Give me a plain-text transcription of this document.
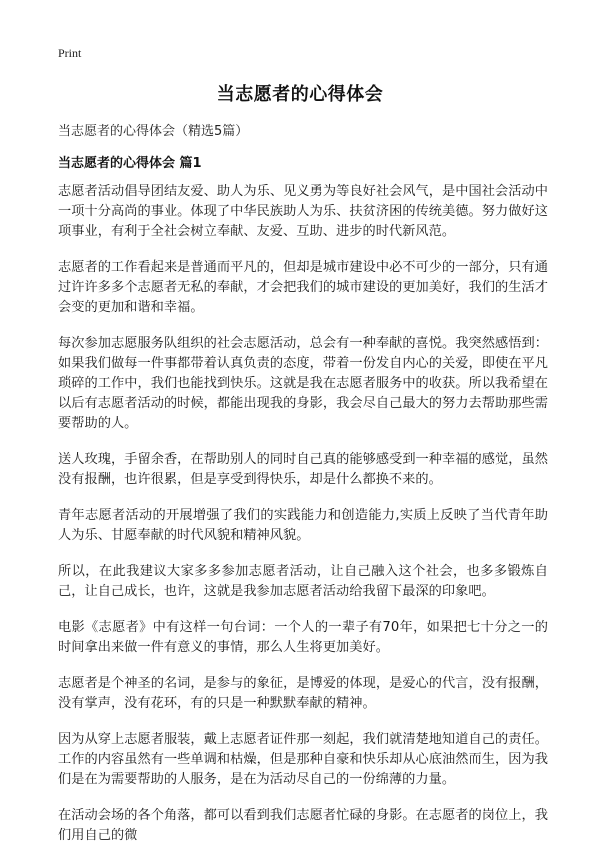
Print
当志愿者的心得体会
当志愿者的心得体会（精选5篇）
当志愿者的心得体会 篇1

志愿者活动倡导团结友爱、助人为乐、见义勇为等良好社会风气，是中国社会活动中一项十分高尚的事业。体现了中华民族助人为乐、扶贫济困的传统美德。努力做好这项事业，有利于全社会树立奉献、友爱、互助、进步的时代新风范。

志愿者的工作看起来是普通而平凡的，但却是城市建设中必不可少的一部分，只有通过许许多多个志愿者无私的奉献，才会把我们的城市建设的更加美好，我们的生活才会变的更加和谐和幸福。

每次参加志愿服务队组织的社会志愿活动，总会有一种奉献的喜悦。我突然感悟到：如果我们做每一件事都带着认真负责的态度，带着一份发自内心的关爱，即使在平凡琐碎的工作中，我们也能找到快乐。这就是我在志愿者服务中的收获。所以我希望在以后有志愿者活动的时候，都能出现我的身影，我会尽自己最大的努力去帮助那些需要帮助的人。

送人玫瑰，手留余香，在帮助别人的同时自己真的能够感受到一种幸福的感觉，虽然没有报酬，也许很累，但是享受到得快乐，却是什么都换不来的。

青年志愿者活动的开展增强了我们的实践能力和创造能力,实质上反映了当代青年助人为乐、甘愿奉献的时代风貌和精神风貌。

所以，在此我建议大家多多参加志愿者活动，让自己融入这个社会，也多多锻炼自己，让自己成长，也许，这就是我参加志愿者活动给我留下最深的印象吧。

电影《志愿者》中有这样一句台词：一个人的一辈子有70年，如果把七十分之一的时间拿出来做一件有意义的事情，那么人生将更加美好。

志愿者是个神圣的名词，是参与的象征，是博爱的体现，是爱心的代言，没有报酬，没有掌声，没有花环，有的只是一种默默奉献的精神。

因为从穿上志愿者服装，戴上志愿者证件那一刻起，我们就清楚地知道自己的责任。工作的内容虽然有一些单调和枯燥，但是那种自豪和快乐却从心底油然而生，因为我们是在为需要帮助的人服务，是在为活动尽自己的一份绵薄的力量。

在活动会场的各个角落，都可以看到我们志愿者忙碌的身影。在志愿者的岗位上，我们用自己的微
